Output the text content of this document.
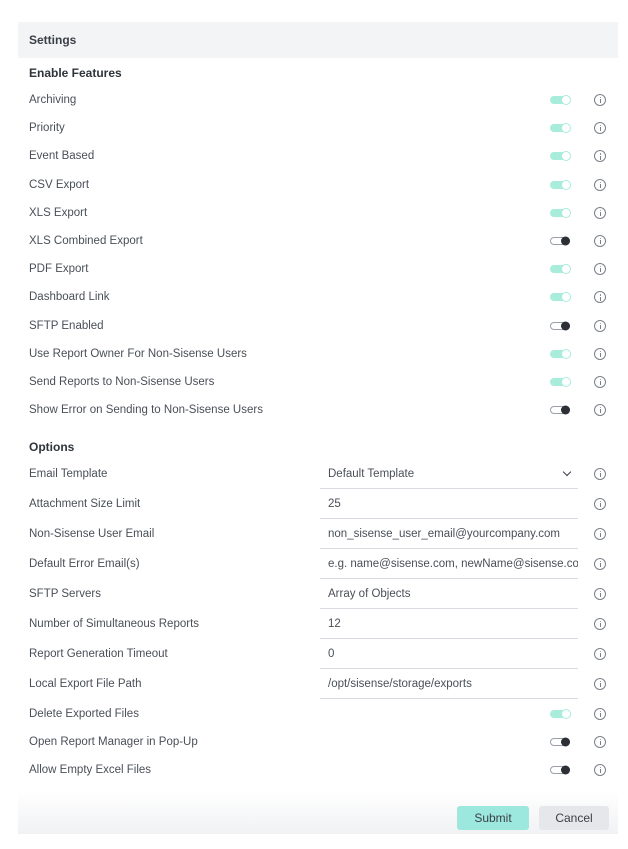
Settings
Enable Features
Archiving
Priority
Event Based
CSV Export
XLS Export
XLS Combined Export
PDF Export
Dashboard Link
SFTP Enabled
Use Report Owner For Non-Sisense Users
Send Reports to Non-Sisense Users
Show Error on Sending to Non-Sisense Users
Options
Email Template	Default Template
Attachment Size Limit
25
Non-Sisense User Email
non_sisense_user_email@yourcompany.com
Default Error Email(s)
e.g. name@sisense.com, newName@sisense.co
SFTP Servers
Array of Objects
Number of Simultaneous Reports
12
Report Generation Timeout
0
Local Export File Path
/opt/sisense/storage/exports
Delete Exported Files
Open Report Manager in Pop-Up
Allow Empty Excel Files
Submit	Cancel
